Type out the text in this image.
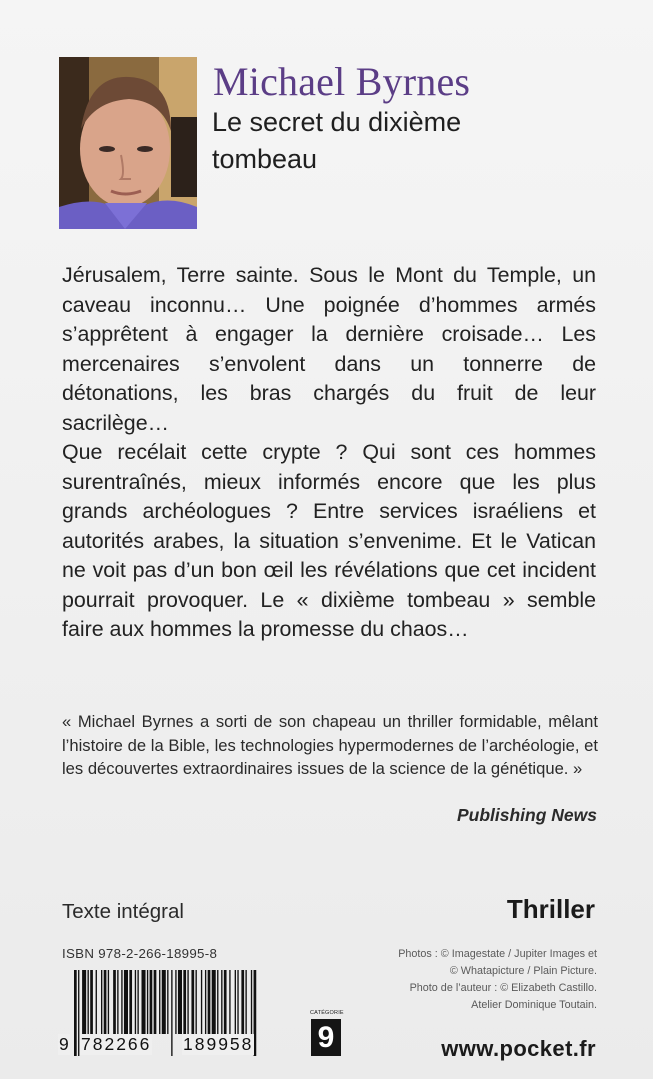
Michael Byrnes
Le secret du dixième
tombeau

Jérusalem, Terre sainte. Sous le Mont du Temple, un caveau inconnu… Une poignée d’hommes armés s’apprêtent à engager la dernière croisade… Les mercenaires s’envolent dans un tonnerre de détonations, les bras chargés du fruit de leur sacrilège…

Que recélait cette crypte ? Qui sont ces hommes surentraînés, mieux informés encore que les plus grands archéologues ? Entre services israéliens et autorités arabes, la situation s’envenime. Et le Vatican ne voit pas d’un bon œil les révélations que cet incident pourrait provoquer. Le « dixième tombeau » semble faire aux hommes la promesse du chaos…

« Michael Byrnes a sorti de son chapeau un thriller formidable, mêlant l’histoire de la Bible, les technologies hypermodernes de l’archéologie, et les découvertes extraordinaires issues de la science de la génétique. »
Publishing News
Texte intégral	Thriller
ISBN 978-2-266-18995-8
9 782266 189958
CATÉGORIE
9
Photos : © Imagestate / Jupiter Images et
© Whatapicture / Plain Picture.
Photo de l’auteur : © Elizabeth Castillo.
Atelier Dominique Toutain.
www.pocket.fr
